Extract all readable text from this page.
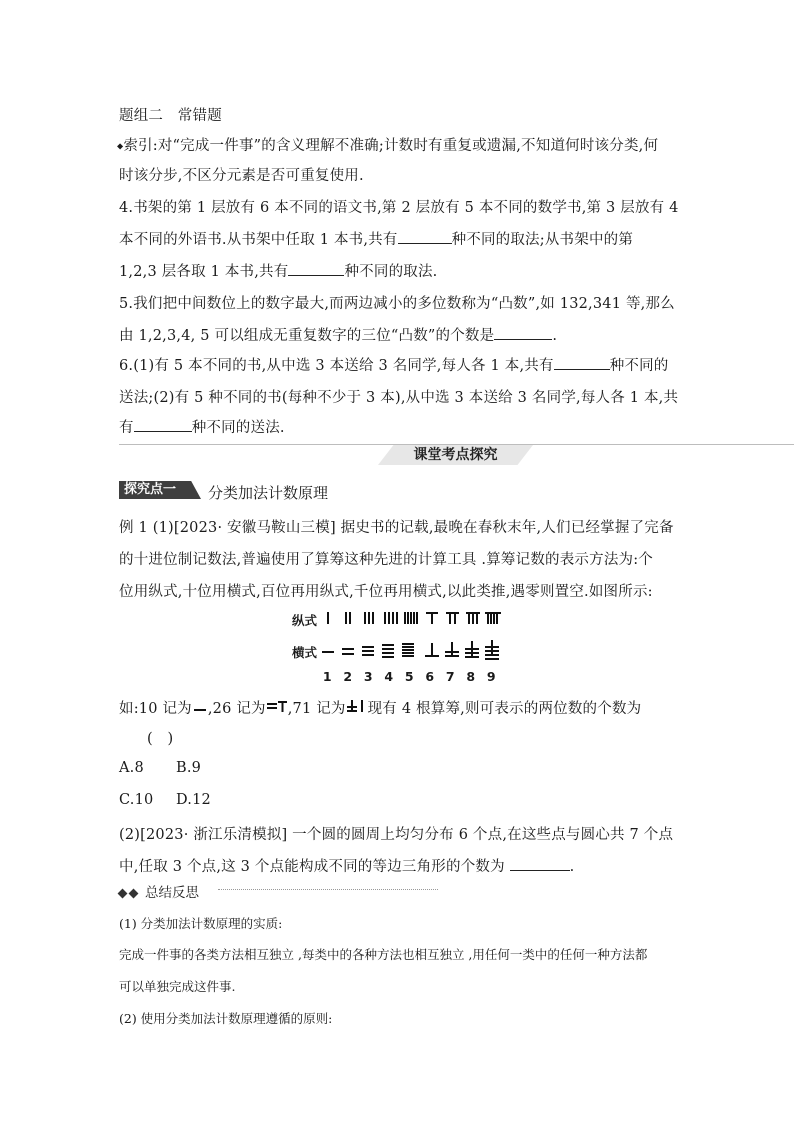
题组二　常错题
◆索引:对“完成一件事”的含义理解不准确;计数时有重复或遗漏,不知道何时该分类,何
时该分步,不区分元素是否可重复使用.
4.书架的第 1 层放有 6 本不同的语文书,第 2 层放有 5 本不同的数学书,第 3 层放有 4
本不同的外语书.从书架中任取 1 本书,共有	种不同的取法;从书架中的第
1,2,3 层各取 1 本书,共有	种不同的取法.
5.我们把中间数位上的数字最大,而两边减小的多位数称为“凸数”,如 132,341 等,那么
由 1,2,3,4, 5 可以组成无重复数字的三位“凸数”的个数是	.
6.(1)有 5 本不同的书,从中选 3 本送给 3 名同学,每人各 1 本,共有	种不同的
送法;(2)有 5 种不同的书(每种不少于 3 本),从中选 3 本送给 3 名同学,每人各 1 本,共
有	种不同的送法.
课堂考点探究
探究点一 分类加法计数原理
例 1 (1)[2023· 安徽马鞍山三模] 据史书的记载,最晚在春秋末年,人们已经掌握了完备
的十进位制记数法,普遍使用了算筹这种先进的计算工具 .算筹记数的表示方法为:个
位用纵式,十位用横式,百位再用纵式,千位再用横式,以此类推,遇零则置空.如图所示:
纵式
横式
1 2 3 4 5 6 7 8 9
如:10 记为 ,26 记为 ,71 记为 现有 4 根算筹,则可表示的两位数的个数为
(　)
A.8 B.9
C.10 D.12
(2)[2023· 浙江乐清模拟] 一个圆的圆周上均匀分布 6 个点,在这些点与圆心共 7 个点
中,任取 3 个点,这 3 个点能构成不同的等边三角形的个数为	.
总结反思
(1) 分类加法计数原理的实质:
完成一件事的各类方法相互独立 ,每类中的各种方法也相互独立 ,用任何一类中的任何一种方法都
可以单独完成这件事.
(2) 使用分类加法计数原理遵循的原则:
